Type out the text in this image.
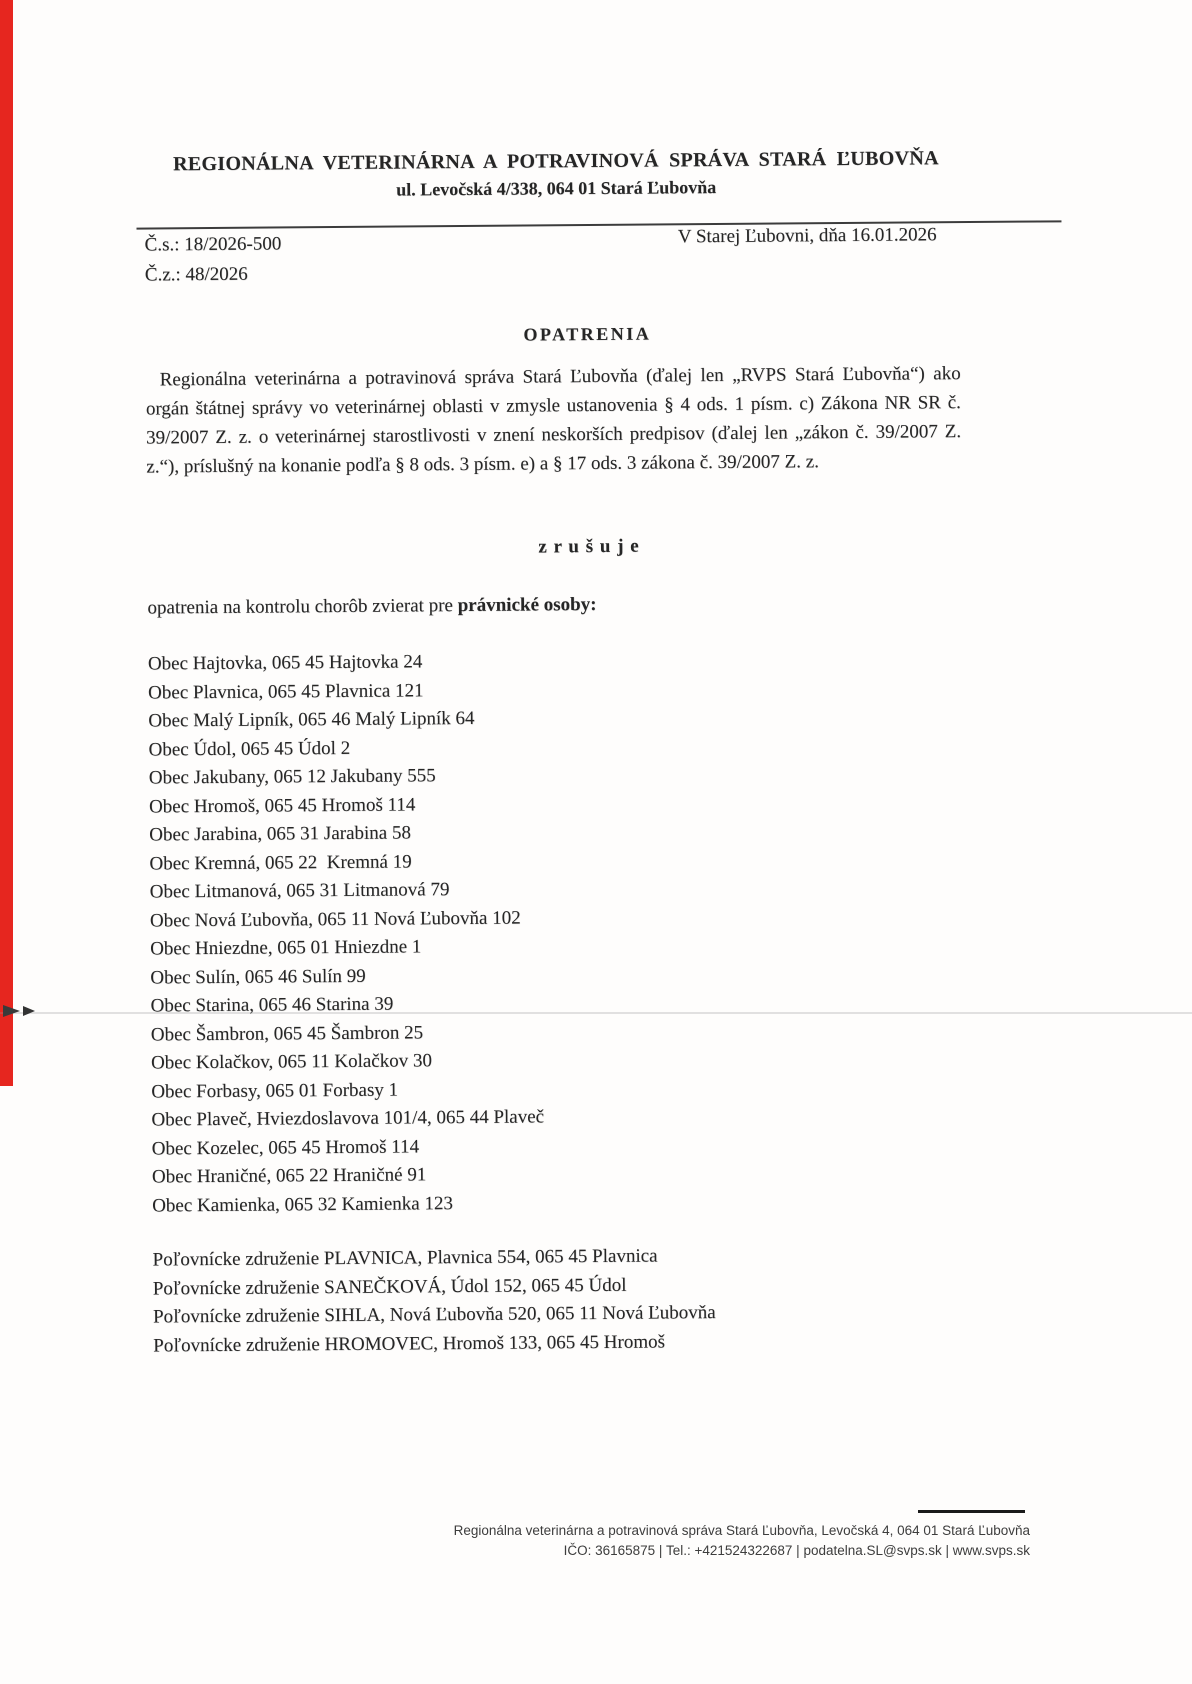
REGIONÁLNA VETERINÁRNA A POTRAVINOVÁ SPRÁVA STARÁ ĽUBOVŇA
ul. Levočská 4/338, 064 01 Stará Ľubovňa
Č.s.: 18/2026-500	V Starej Ľubovni, dňa 16.01.2026
Č.z.: 48/2026
OPATRENIA

Regionálna veterinárna a potravinová správa Stará Ľubovňa (ďalej len „RVPS Stará Ľubovňa“) ako orgán štátnej správy vo veterinárnej oblasti v zmysle ustanovenia § 4 ods. 1 písm. c) Zákona NR SR č. 39/2007 Z. z. o veterinárnej starostlivosti v znení neskorších predpisov (ďalej len „zákon č. 39/2007 Z. z.“), príslušný na konanie podľa § 8 ods. 3 písm. e) a § 17 ods. 3 zákona č. 39/2007 Z. z.

z r u š u j e
opatrenia na kontrolu chorôb zvierat pre právnické osoby:
Obec Hajtovka, 065 45 Hajtovka 24
Obec Plavnica, 065 45 Plavnica 121
Obec Malý Lipník, 065 46 Malý Lipník 64
Obec Údol, 065 45 Údol 2
Obec Jakubany, 065 12 Jakubany 555
Obec Hromoš, 065 45 Hromoš 114
Obec Jarabina, 065 31 Jarabina 58
Obec Kremná, 065 22  Kremná 19
Obec Litmanová, 065 31 Litmanová 79
Obec Nová Ľubovňa, 065 11 Nová Ľubovňa 102
Obec Hniezdne, 065 01 Hniezdne 1
Obec Sulín, 065 46 Sulín 99
Obec Starina, 065 46 Starina 39
Obec Šambron, 065 45 Šambron 25
Obec Kolačkov, 065 11 Kolačkov 30
Obec Forbasy, 065 01 Forbasy 1
Obec Plaveč, Hviezdoslavova 101/4, 065 44 Plaveč
Obec Kozelec, 065 45 Hromoš 114
Obec Hraničné, 065 22 Hraničné 91
Obec Kamienka, 065 32 Kamienka 123
Poľovnícke združenie PLAVNICA, Plavnica 554, 065 45 Plavnica
Poľovnícke združenie SANEČKOVÁ, Údol 152, 065 45 Údol
Poľovnícke združenie SIHLA, Nová Ľubovňa 520, 065 11 Nová Ľubovňa
Poľovnícke združenie HROMOVEC, Hromoš 133, 065 45 Hromoš
Regionálna veterinárna a potravinová správa Stará Ľubovňa, Levočská 4, 064 01 Stará Ľubovňa
IČO: 36165875 | Tel.: +421524322687 | podatelna.SL@svps.sk | www.svps.sk
